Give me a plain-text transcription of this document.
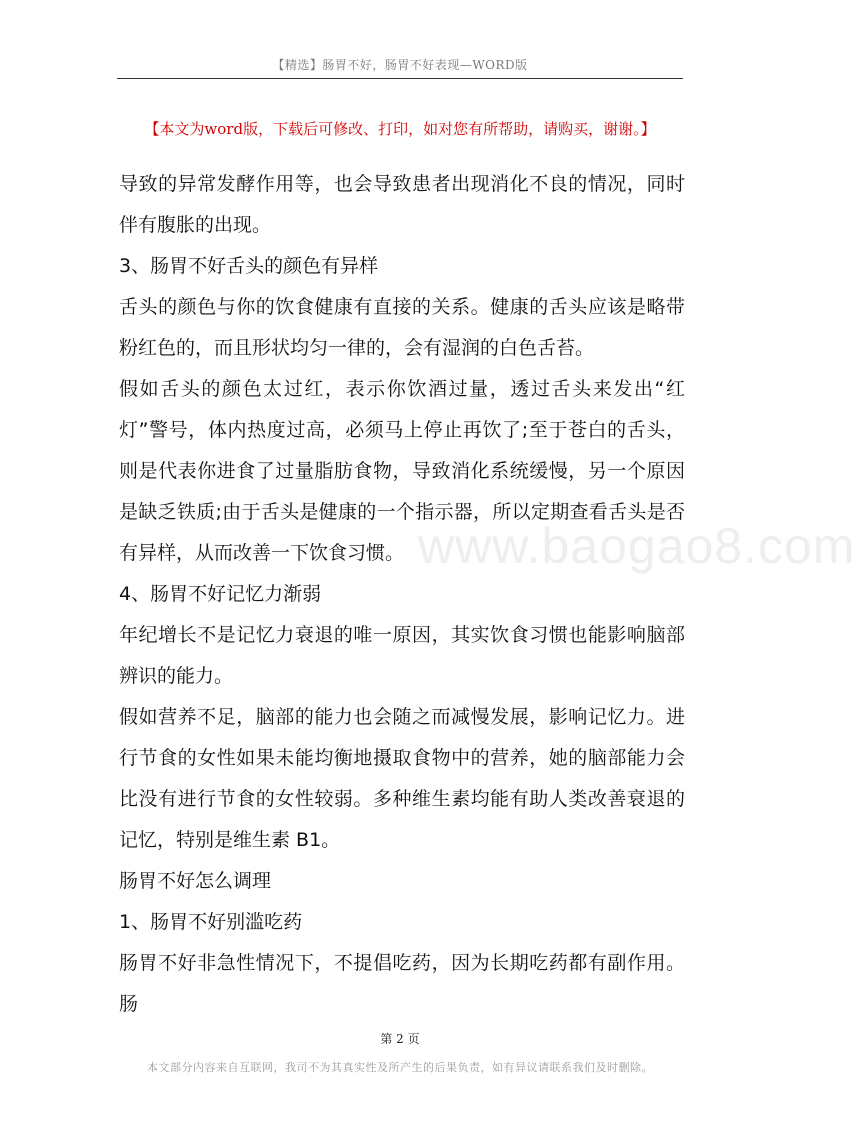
【精选】肠胃不好，肠胃不好表现—WORD版
【本文为word版，下载后可修改、打印，如对您有所帮助，请购买，谢谢。】

导致的异常发酵作用等，也会导致患者出现消化不良的情况，同时伴有腹胀的出现。

3、肠胃不好舌头的颜色有异样

舌头的颜色与你的饮食健康有直接的关系。健康的舌头应该是略带粉红色的，而且形状均匀一律的，会有湿润的白色舌苔。

假如舌头的颜色太过红，表示你饮酒过量，透过舌头来发出“红灯”警号，体内热度过高，必须马上停止再饮了;至于苍白的舌头，则是代表你进食了过量脂肪食物，导致消化系统缓慢，另一个原因是缺乏铁质;由于舌头是健康的一个指示器，所以定期查看舌头是否有异样，从而改善一下饮食习惯。

4、肠胃不好记忆力渐弱

年纪增长不是记忆力衰退的唯一原因，其实饮食习惯也能影响脑部辨识的能力。

假如营养不足，脑部的能力也会随之而减慢发展，影响记忆力。进行节食的女性如果未能均衡地摄取食物中的营养，她的脑部能力会比没有进行节食的女性较弱。多种维生素均能有助人类改善衰退的记忆，特别是维生素 B1。

肠胃不好怎么调理

1、肠胃不好别滥吃药

肠胃不好非急性情况下，不提倡吃药，因为长期吃药都有副作用。肠

www.baogao8.com
第 2 页
本文部分内容来自互联网，我司不为其真实性及所产生的后果负责，如有异议请联系我们及时删除。
